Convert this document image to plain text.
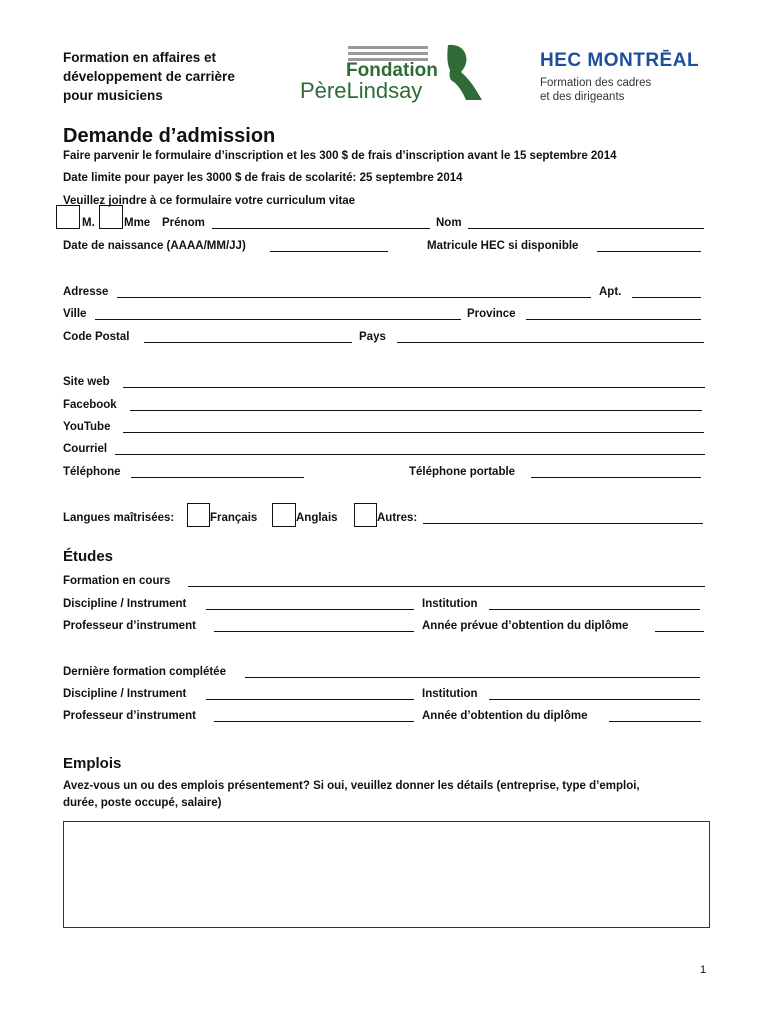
Formation en affaires et
développement de carrière
pour musiciens
Fondation
PèreLindsay
HEC MONTRĒAL
Formation des cadres
et des dirigeants
Demande d’admission
Faire parvenir le formulaire d’inscription et les 300 $ de frais d’inscription avant le 15 septembre 2014
Date limite pour payer les 3000 $ de frais de scolarité: 25 septembre 2014
Veuillez joindre à ce formulaire votre curriculum vitae
M.	Mme Prénom	Nom
Date de naissance (AAAA/MM/JJ)	Matricule HEC si disponible
Adresse	Apt.
Ville	Province
Code Postal	Pays
Site web
Facebook
YouTube
Courriel
Téléphone	Téléphone portable
Langues maîtrisées:	Français	Anglais	Autres:
Études
Formation en cours
Discipline / Instrument	Institution
Professeur d’instrument	Année prévue d’obtention du diplôme
Dernière formation complétée
Discipline / Instrument	Institution
Professeur d’instrument	Année d’obtention du diplôme
Emplois
Avez-vous un ou des emplois présentement? Si oui, veuillez donner les détails (entreprise, type d’emploi,
durée, poste occupé, salaire)
1
